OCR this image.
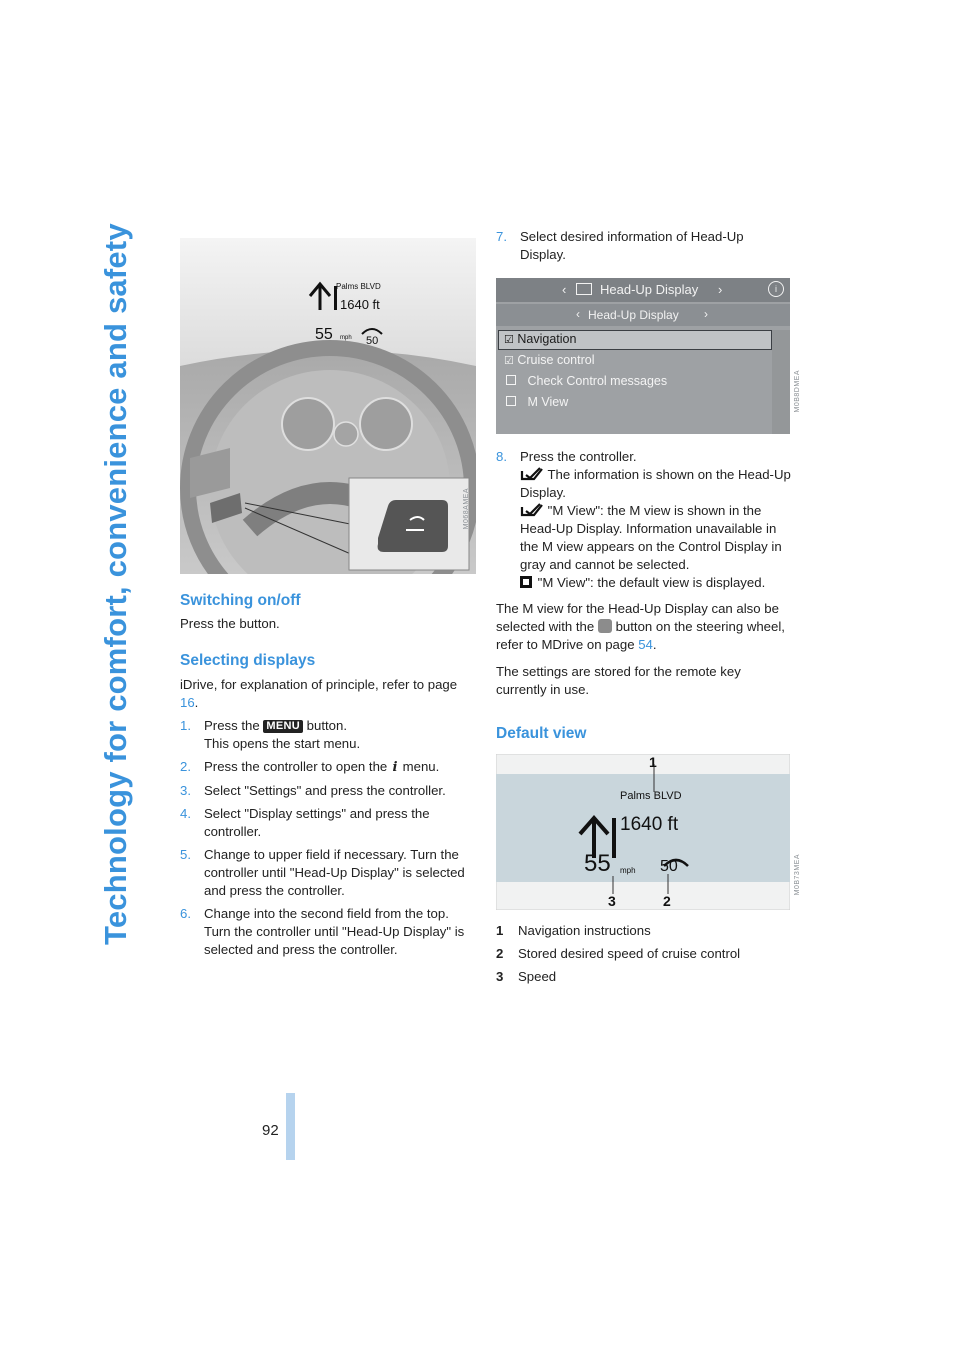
Technology for comfort, convenience and safety
92
Palms BLVD
1640 ft
55 mph 50
M068AMEA
Switching on/off

Press the button.

Selecting displays

iDrive, for explanation of principle, refer to page 16.

1. Press the MENU button.
This opens the start menu.
2. Press the controller to open the i menu.
3. Select "Settings" and press the controller.
4. Select "Display settings" and press the controller.
5. Change to upper field if necessary. Turn the controller until "Head-Up Display" is selected and press the controller.
6. Change into the second field from the top. Turn the controller until "Head-Up Display" is selected and press the controller.
7. Select desired information of Head-Up Display.
‹	Head-Up Display ›	i
‹ Head-Up Display ›
☑ Navigation
☑ Cruise control
Check Control messages
M View	M0B8DMEA
8. Press the controller.
The information is shown on the Head-Up Display.
"M View": the M view is shown in the Head-Up Display. Information unavailable in the M view appears on the Control Display in gray and cannot be selected.
"M View": the default view is displayed.

The M view for the Head-Up Display can also be selected with the button on the steering wheel, refer to MDrive on page 54.

The settings are stored for the remote key currently in use.

Default view
Palms BLVD
1640 ft
55 mph 50
1
2
3
M0B73MEA
1 Navigation instructions
2 Stored desired speed of cruise control
3 Speed
